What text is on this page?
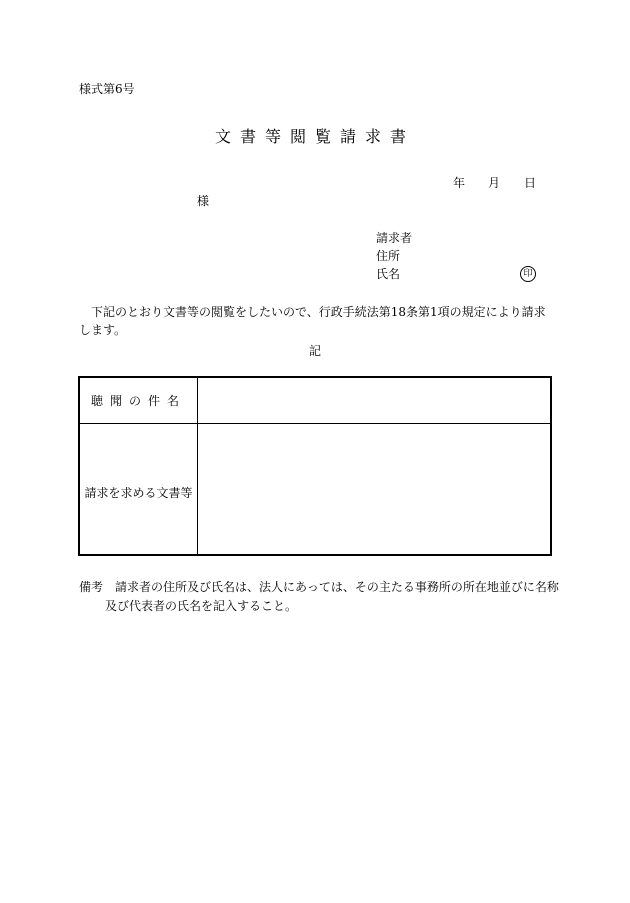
様式第6号
文書等閲覧請求書
年 月 日
様
請求者
住所
氏名	印
下記のとおり文書等の閲覧をしたいので、行政手続法第18条第1項の規定により請求します。
記
聴聞の件名
請求を求める文書等
備考 請求者の住所及び氏名は、法人にあっては、その主たる事務所の所在地並びに名称
及び代表者の氏名を記入すること。
